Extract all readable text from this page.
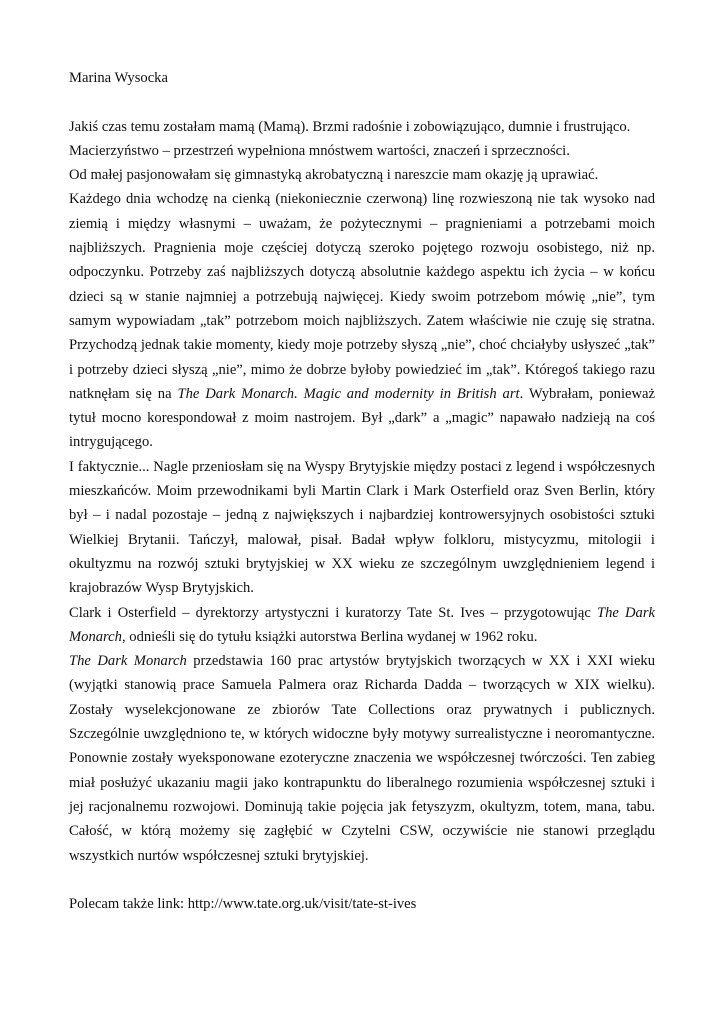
Marina Wysocka

Jakiś czas temu zostałam mamą (Mamą). Brzmi radośnie i zobowiązująco, dumnie i frustrująco.

Macierzyństwo – przestrzeń wypełniona mnóstwem wartości, znaczeń i sprzeczności.

Od małej pasjonowałam się gimnastyką akrobatyczną i nareszcie mam okazję ją uprawiać.

Każdego dnia wchodzę na cienką (niekoniecznie czerwoną) linę rozwieszoną nie tak wysoko nad ziemią i między własnymi – uważam, że pożytecznymi – pragnieniami a potrzebami moich najbliższych. Pragnienia moje częściej dotyczą szeroko pojętego rozwoju osobistego, niż np. odpoczynku. Potrzeby zaś najbliższych dotyczą absolutnie każdego aspektu ich życia – w końcu dzieci są w stanie najmniej a potrzebują najwięcej. Kiedy swoim potrzebom mówię „nie”, tym samym wypowiadam „tak” potrzebom moich najbliższych. Zatem właściwie nie czuję się stratna. Przychodzą jednak takie momenty, kiedy moje potrzeby słyszą „nie”, choć chciałyby usłyszeć „tak” i potrzeby dzieci słyszą „nie”, mimo że dobrze byłoby powiedzieć im „tak”. Któregoś takiego razu natknęłam się na The Dark Monarch. Magic and modernity in British art. Wybrałam, ponieważ tytuł mocno korespondował z moim nastrojem. Był „dark” a „magic” napawało nadzieją na coś intrygującego.

I faktycznie... Nagle przeniosłam się na Wyspy Brytyjskie między postaci z legend i współczesnych mieszkańców. Moim przewodnikami byli Martin Clark i Mark Osterfield oraz Sven Berlin, który był – i nadal pozostaje – jedną z największych i najbardziej kontrowersyjnych osobistości sztuki Wielkiej Brytanii. Tańczył, malował, pisał. Badał wpływ folkloru, mistycyzmu, mitologii i okultyzmu na rozwój sztuki brytyjskiej w XX wieku ze szczególnym uwzględnieniem legend i krajobrazów Wysp Brytyjskich.

Clark i Osterfield – dyrektorzy artystyczni i kuratorzy Tate St. Ives – przygotowując The Dark Monarch, odnieśli się do tytułu książki autorstwa Berlina wydanej w 1962 roku.

The Dark Monarch przedstawia 160 prac artystów brytyjskich tworzących w XX i XXI wieku (wyjątki stanowią prace Samuela Palmera oraz Richarda Dadda – tworzących w XIX wielku). Zostały wyselekcjonowane ze zbiorów Tate Collections oraz prywatnych i publicznych. Szczególnie uwzględniono te, w których widoczne były motywy surrealistyczne i neoromantyczne. Ponownie zostały wyeksponowane ezoteryczne znaczenia we współczesnej twórczości. Ten zabieg miał posłużyć ukazaniu magii jako kontrapunktu do liberalnego rozumienia współczesnej sztuki i jej racjonalnemu rozwojowi. Dominują takie pojęcia jak fetyszyzm, okultyzm, totem, mana, tabu. Całość, w którą możemy się zagłębić w Czytelni CSW, oczywiście nie stanowi przeglądu wszystkich nurtów współczesnej sztuki brytyjskiej.

Polecam także link: http://www.tate.org.uk/visit/tate-st-ives
